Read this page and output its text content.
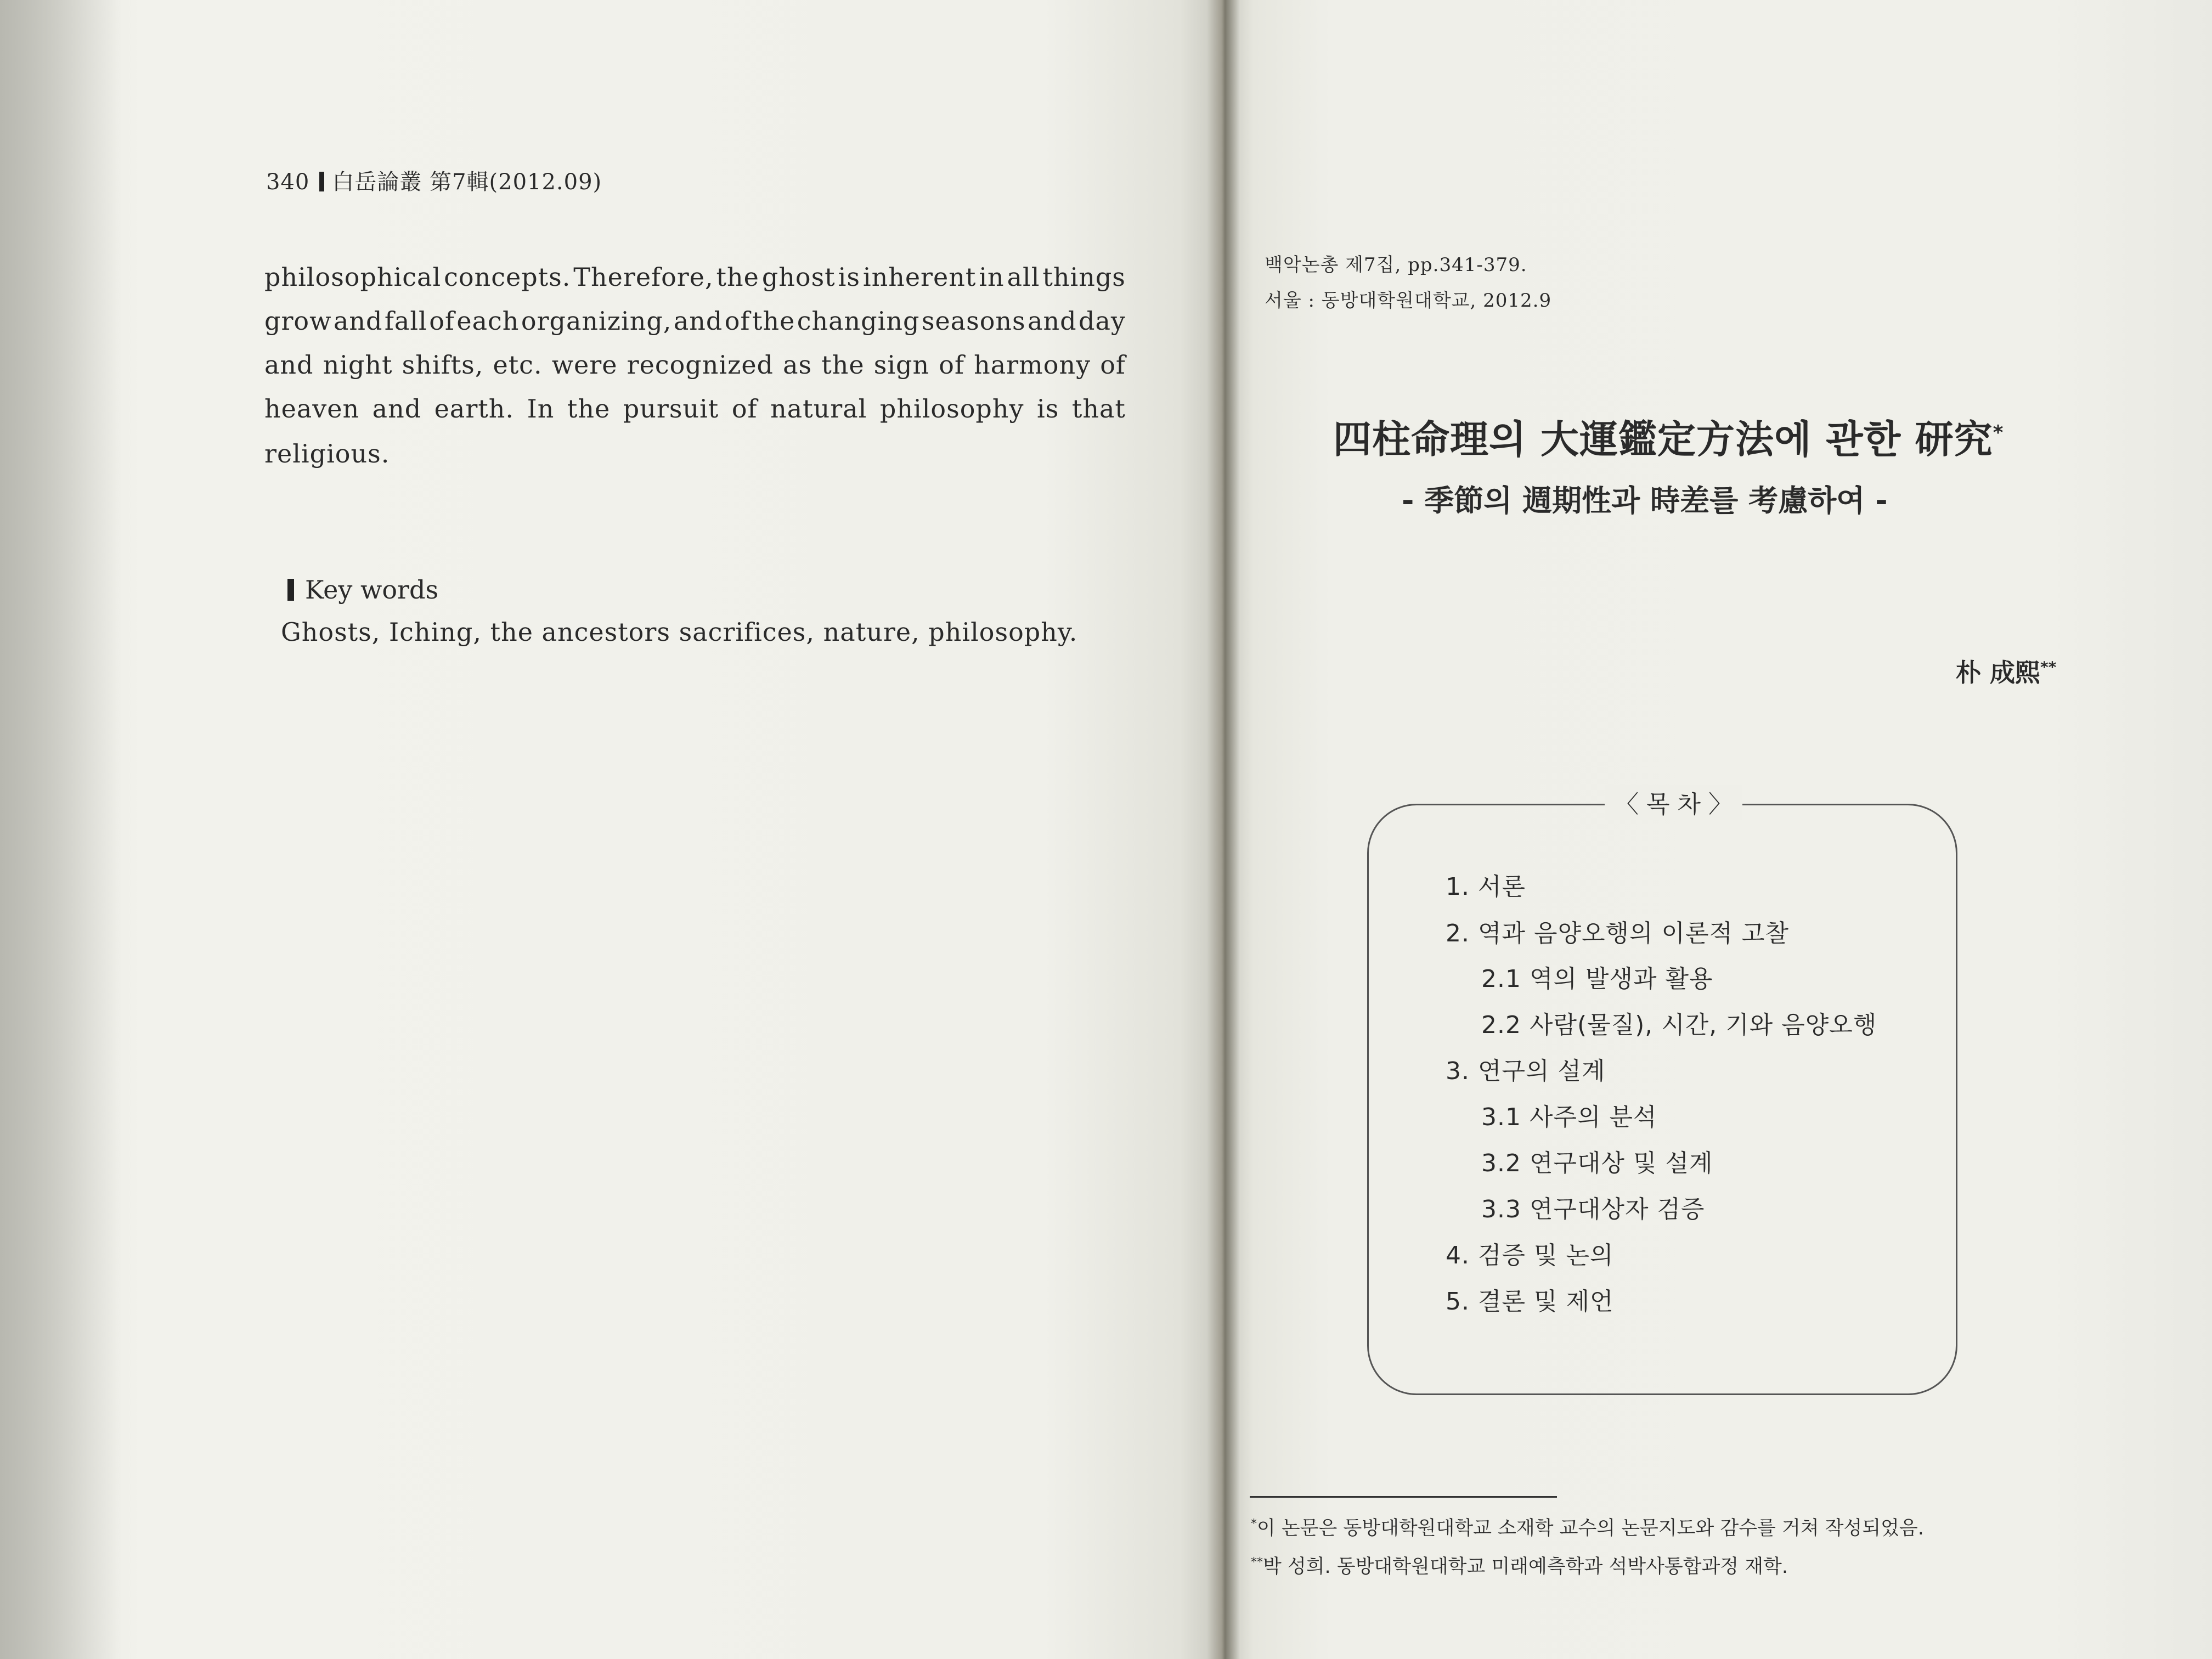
340 白岳論叢 第7輯(2012.09)
philosophical concepts. Therefore, the ghost is inherent in all things
grow and fall of each organizing, and of the changing seasons and day
and night shifts, etc. were recognized as the sign of harmony of
heaven and earth. In the pursuit of natural philosophy is that
religious.
Key words
Ghosts, Iching, the ancestors sacrifices, nature, philosophy.
백악논총 제7집, pp.341-379.
서울 : 동방대학원대학교, 2012.9
四柱命理의 大運鑑定方法에 관한 研究*
- 季節의 週期性과 時差를 考慮하여 -
朴 成熙**
〈 목 차 〉
1. 서론
2. 역과 음양오행의 이론적 고찰
2.1 역의 발생과 활용
2.2 사람(물질), 시간, 기와 음양오행
3. 연구의 설계
3.1 사주의 분석
3.2 연구대상 및 설계
3.3 연구대상자 검증
4. 검증 및 논의
5. 결론 및 제언
*이 논문은 동방대학원대학교 소재학 교수의 논문지도와 감수를 거쳐 작성되었음.
**박 성희. 동방대학원대학교 미래예측학과 석박사통합과정 재학.
